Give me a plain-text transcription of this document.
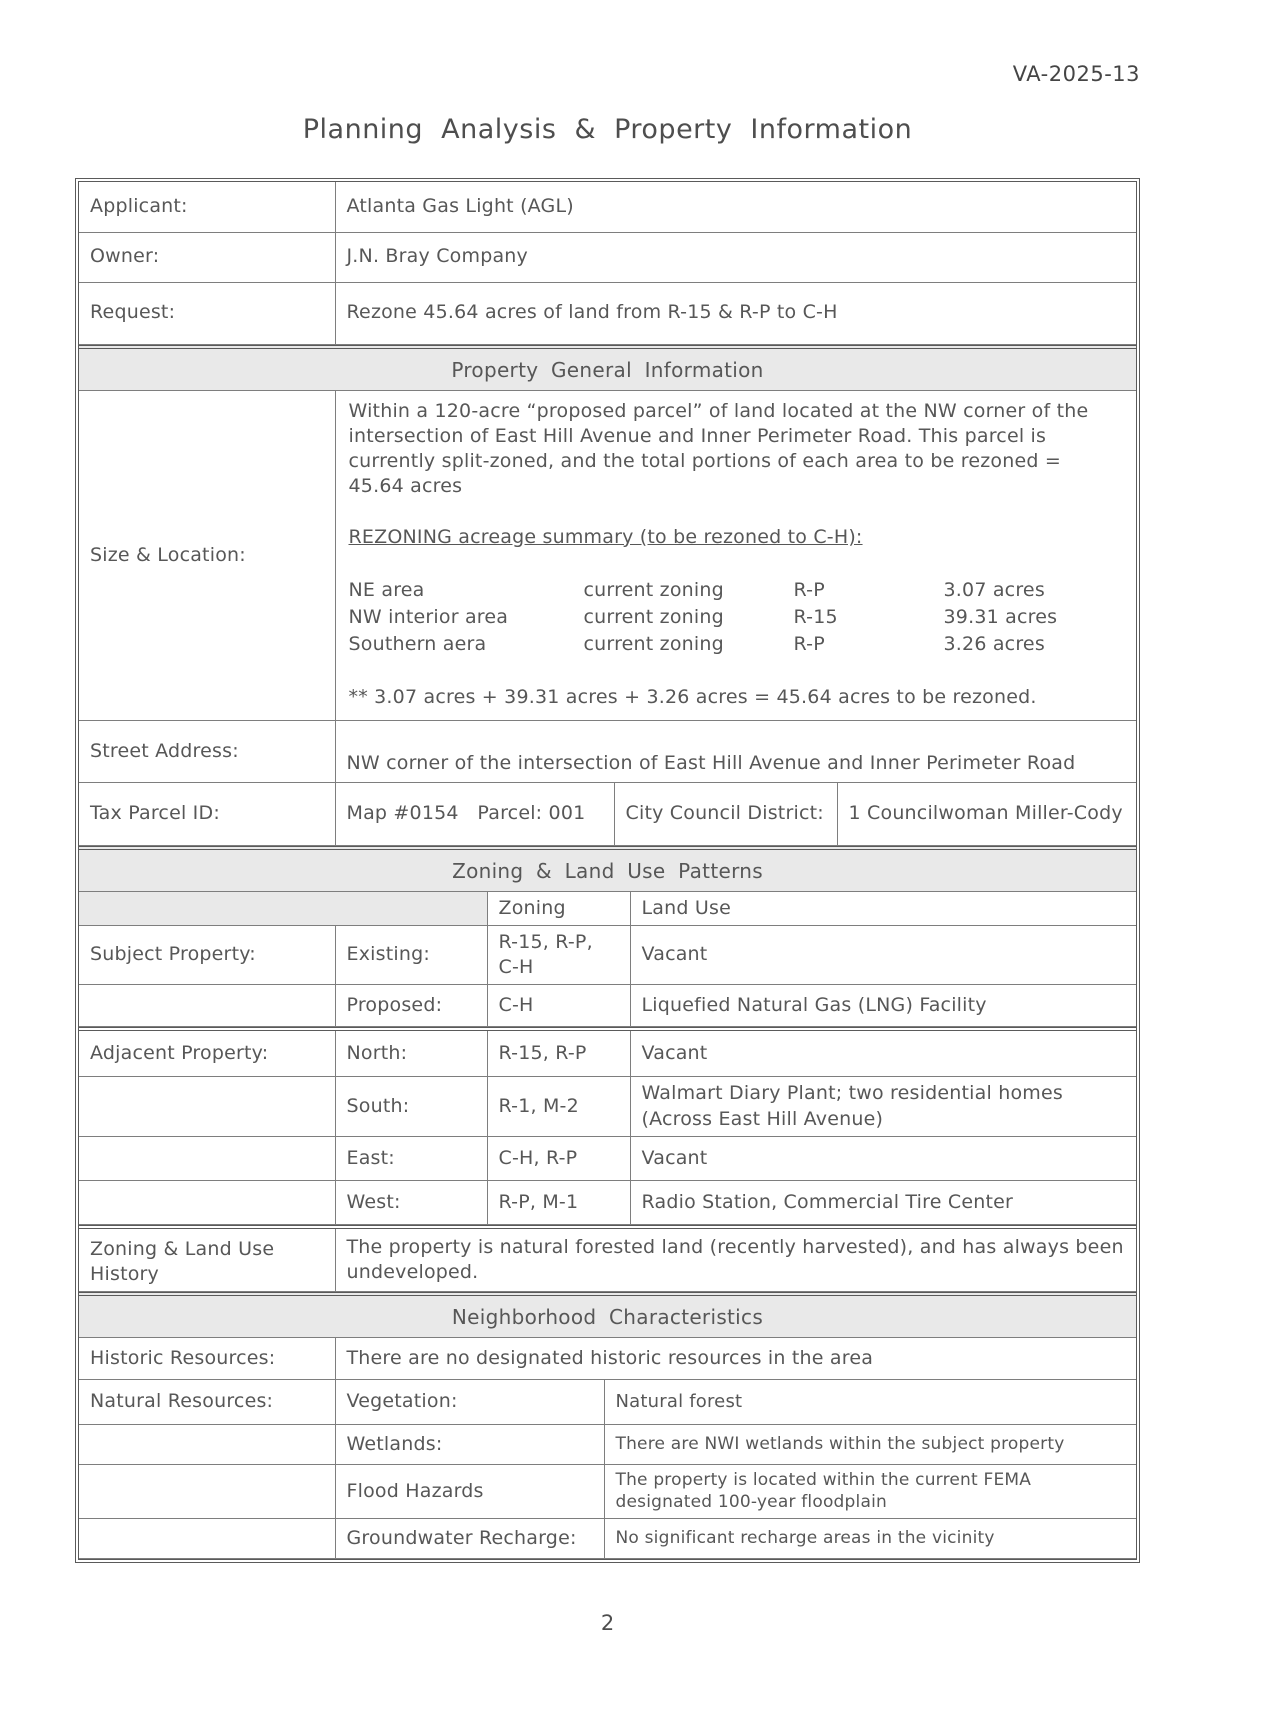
VA-2025-13
Planning Analysis & Property Information
Applicant:	Atlanta Gas Light (AGL)
Owner:	J.N. Bray Company
Request:	Rezone 45.64 acres of land from R-15 & R-P to C-H
Property General Information
Size & Location:	
Within a 120-acre “proposed parcel” of land located at the NW corner of the intersection of East Hill Avenue and Inner Perimeter Road. This parcel is currently split-zoned, and the total portions of each area to be rezoned = 45.64 acres
REZONING acreage summary (to be rezoned to C-H):
NE area	current zoning	R-P	3.07 acres
NW interior area	current zoning	R-15	39.31 acres
Southern aera	current zoning	R-P	3.26 acres
** 3.07 acres + 39.31 acres + 3.26 acres = 45.64 acres to be rezoned.

Street Address:	NW corner of the intersection of East Hill Avenue and Inner Perimeter Road
Tax Parcel ID:	Map #0154   Parcel: 001	City Council District:	1 Councilwoman Miller-Cody
Zoning & Land Use Patterns
		Zoning	Land Use
Subject Property:	Existing:	R-15, R-P, C-H	Vacant
	Proposed:	C-H	Liquefied Natural Gas (LNG) Facility
Adjacent Property:	North:	R-15, R-P	Vacant
	South:	R-1, M-2	Walmart Diary Plant; two residential homes (Across East Hill Avenue)
	East:	C-H, R-P	Vacant
	West:	R-P, M-1	Radio Station, Commercial Tire Center
Zoning & Land Use History	The property is natural forested land (recently harvested), and has always been undeveloped.
Neighborhood Characteristics
Historic Resources:	There are no designated historic resources in the area
Natural Resources:	Vegetation:	Natural forest
	Wetlands:	There are NWI wetlands within the subject property
	Flood Hazards	The property is located within the current FEMA designated 100-year floodplain
	Groundwater Recharge:	No significant recharge areas in the vicinity
2
